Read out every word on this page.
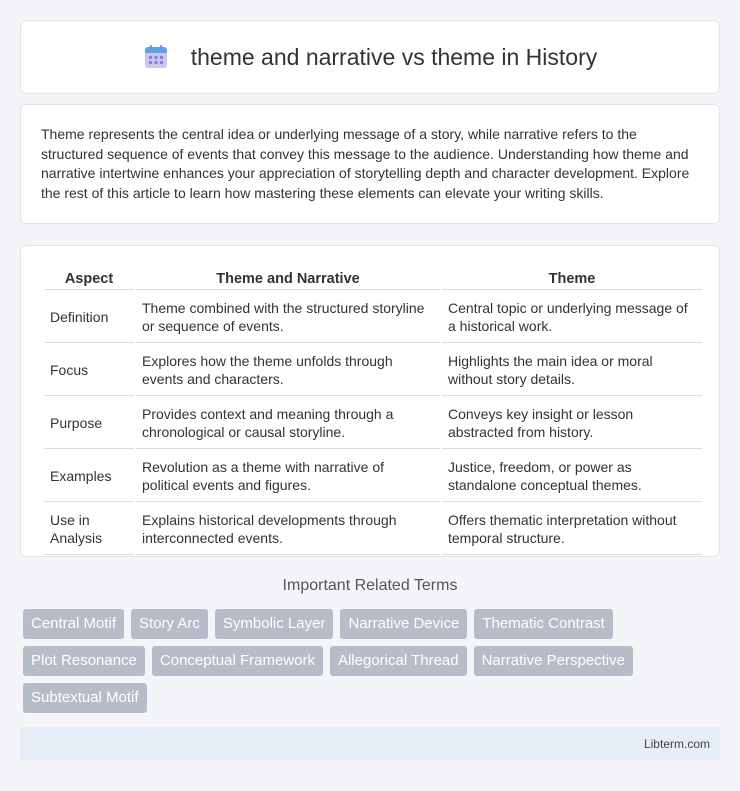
theme and narrative vs theme in History

Theme represents the central idea or underlying message of a story, while narrative refers to the structured sequence of events that convey this message to the audience. Understanding how theme and narrative intertwine enhances your appreciation of storytelling depth and character development. Explore the rest of this article to learn how mastering these elements can elevate your writing skills.

Aspect	Theme and Narrative	Theme
Definition	Theme combined with the structured storyline or sequence of events.	Central topic or underlying message of a historical work.
Focus	Explores how the theme unfolds through events and characters.	Highlights the main idea or moral without story details.
Purpose	Provides context and meaning through a chronological or causal storyline.	Conveys key insight or lesson abstracted from history.
Examples	Revolution as a theme with narrative of political events and figures.	Justice, freedom, or power as standalone conceptual themes.
Use in Analysis	Explains historical developments through interconnected events.	Offers thematic interpretation without temporal structure.
Important Related Terms
Central Motif	Story Arc	Symbolic Layer	Narrative Device	Thematic Contrast
Plot Resonance	Conceptual Framework	Allegorical Thread	Narrative Perspective
Subtextual Motif
Libterm.com
